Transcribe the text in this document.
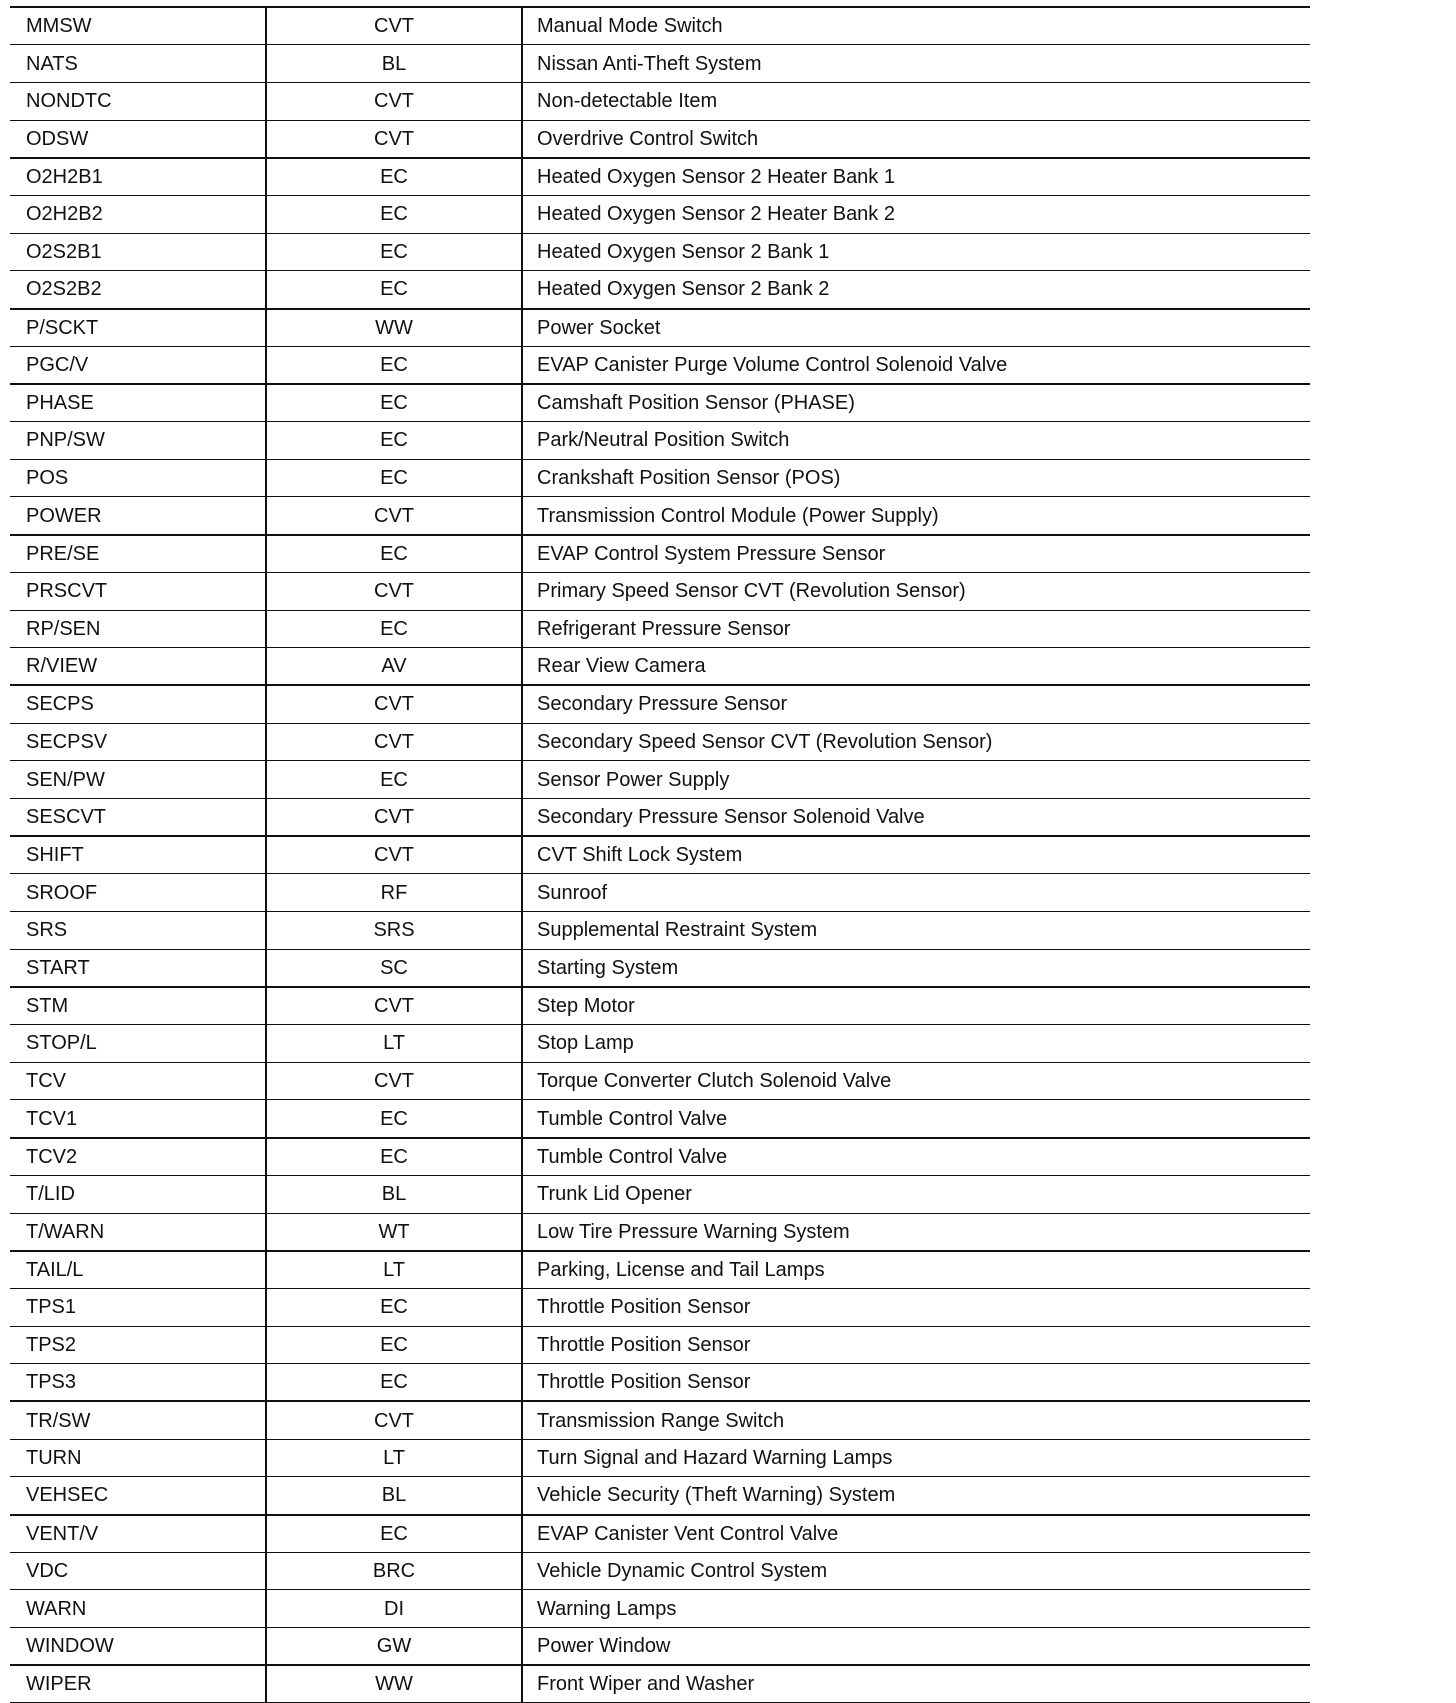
MMSW	CVT	Manual Mode Switch
NATS	BL	Nissan Anti-Theft System
NONDTC	CVT	Non-detectable Item
ODSW	CVT	Overdrive Control Switch
O2H2B1	EC	Heated Oxygen Sensor 2 Heater Bank 1
O2H2B2	EC	Heated Oxygen Sensor 2 Heater Bank 2
O2S2B1	EC	Heated Oxygen Sensor 2 Bank 1
O2S2B2	EC	Heated Oxygen Sensor 2 Bank 2
P/SCKT	WW	Power Socket
PGC/V	EC	EVAP Canister Purge Volume Control Solenoid Valve
PHASE	EC	Camshaft Position Sensor (PHASE)
PNP/SW	EC	Park/Neutral Position Switch
POS	EC	Crankshaft Position Sensor (POS)
POWER	CVT	Transmission Control Module (Power Supply)
PRE/SE	EC	EVAP Control System Pressure Sensor
PRSCVT	CVT	Primary Speed Sensor CVT (Revolution Sensor)
RP/SEN	EC	Refrigerant Pressure Sensor
R/VIEW	AV	Rear View Camera
SECPS	CVT	Secondary Pressure Sensor
SECPSV	CVT	Secondary Speed Sensor CVT (Revolution Sensor)
SEN/PW	EC	Sensor Power Supply
SESCVT	CVT	Secondary Pressure Sensor Solenoid Valve
SHIFT	CVT	CVT Shift Lock System
SROOF	RF	Sunroof
SRS	SRS	Supplemental Restraint System
START	SC	Starting System
STM	CVT	Step Motor
STOP/L	LT	Stop Lamp
TCV	CVT	Torque Converter Clutch Solenoid Valve
TCV1	EC	Tumble Control Valve
TCV2	EC	Tumble Control Valve
T/LID	BL	Trunk Lid Opener
T/WARN	WT	Low Tire Pressure Warning System
TAIL/L	LT	Parking, License and Tail Lamps
TPS1	EC	Throttle Position Sensor
TPS2	EC	Throttle Position Sensor
TPS3	EC	Throttle Position Sensor
TR/SW	CVT	Transmission Range Switch
TURN	LT	Turn Signal and Hazard Warning Lamps
VEHSEC	BL	Vehicle Security (Theft Warning) System
VENT/V	EC	EVAP Canister Vent Control Valve
VDC	BRC	Vehicle Dynamic Control System
WARN	DI	Warning Lamps
WINDOW	GW	Power Window
WIPER	WW	Front Wiper and Washer
